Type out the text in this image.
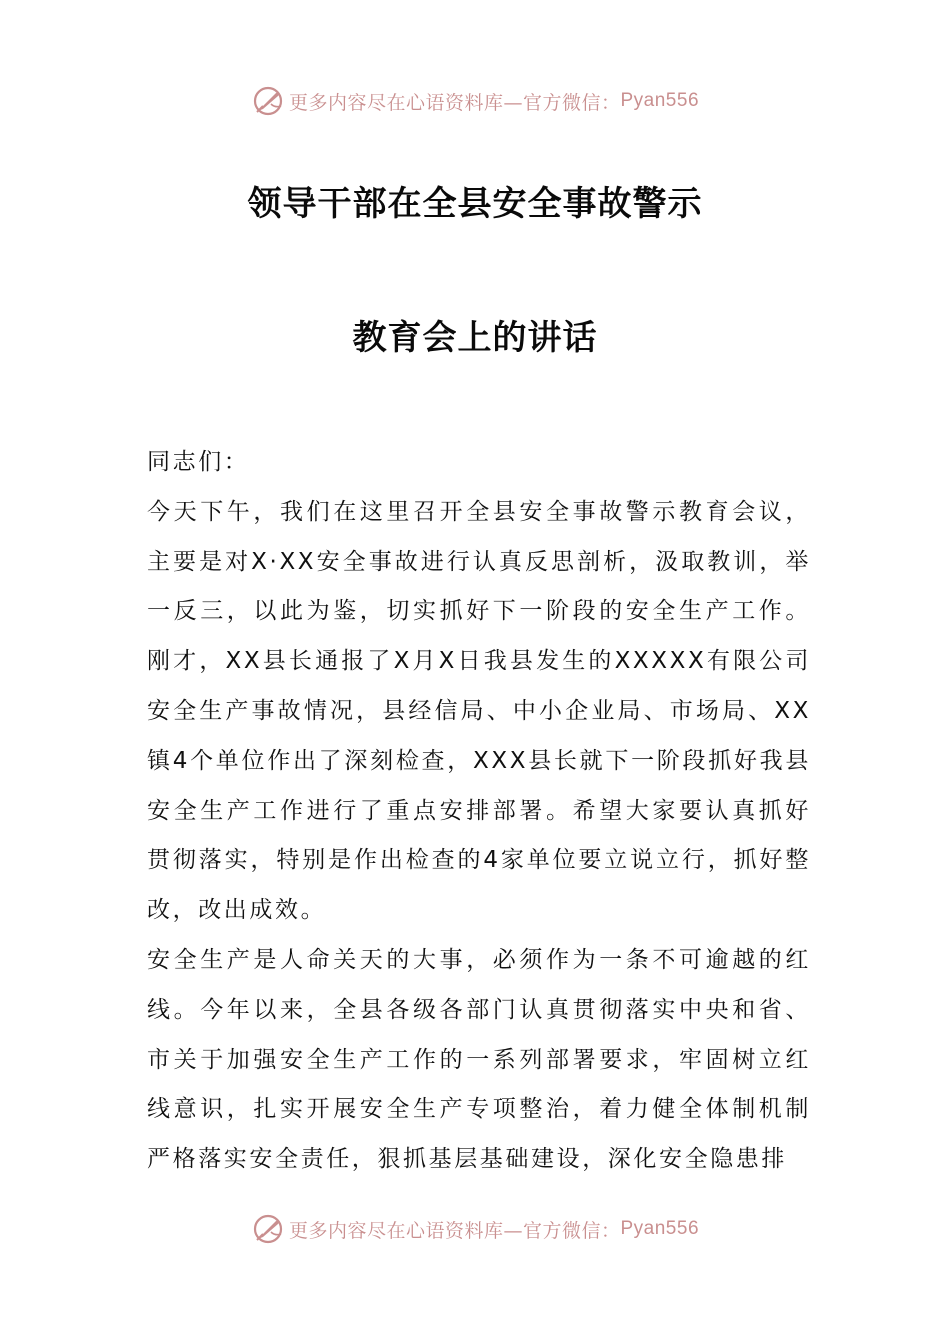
更多内容尽在心语资料库—官方微信： Pyan556
领导干部在全县安全事故警示
教育会上的讲话

同志们：

今天下午，我们在这里召开全县安全事故警示教育会议，主要是对X·XX安全事故进行认真反思剖析，汲取教训，举一反三，以此为鉴，切实抓好下一阶段的安全生产工作。刚才，XX县长通报了X月X日我县发生的XXXXX有限公司安全生产事故情况，县经信局、中小企业局、市场局、XX镇4个单位作出了深刻检查，XXX县长就下一阶段抓好我县安全生产工作进行了重点安排部署。希望大家要认真抓好贯彻落实，特别是作出检查的4家单位要立说立行，抓好整改，改出成效。

安全生产是人命关天的大事，必须作为一条不可逾越的红线。今年以来，全县各级各部门认真贯彻落实中央和省、市关于加强安全生产工作的一系列部署要求，牢固树立红线意识，扎实开展安全生产专项整治，着力健全体制机制严格落实安全责任，狠抓基层基础建设，深化安全隐患排

更多内容尽在心语资料库—官方微信： Pyan556
